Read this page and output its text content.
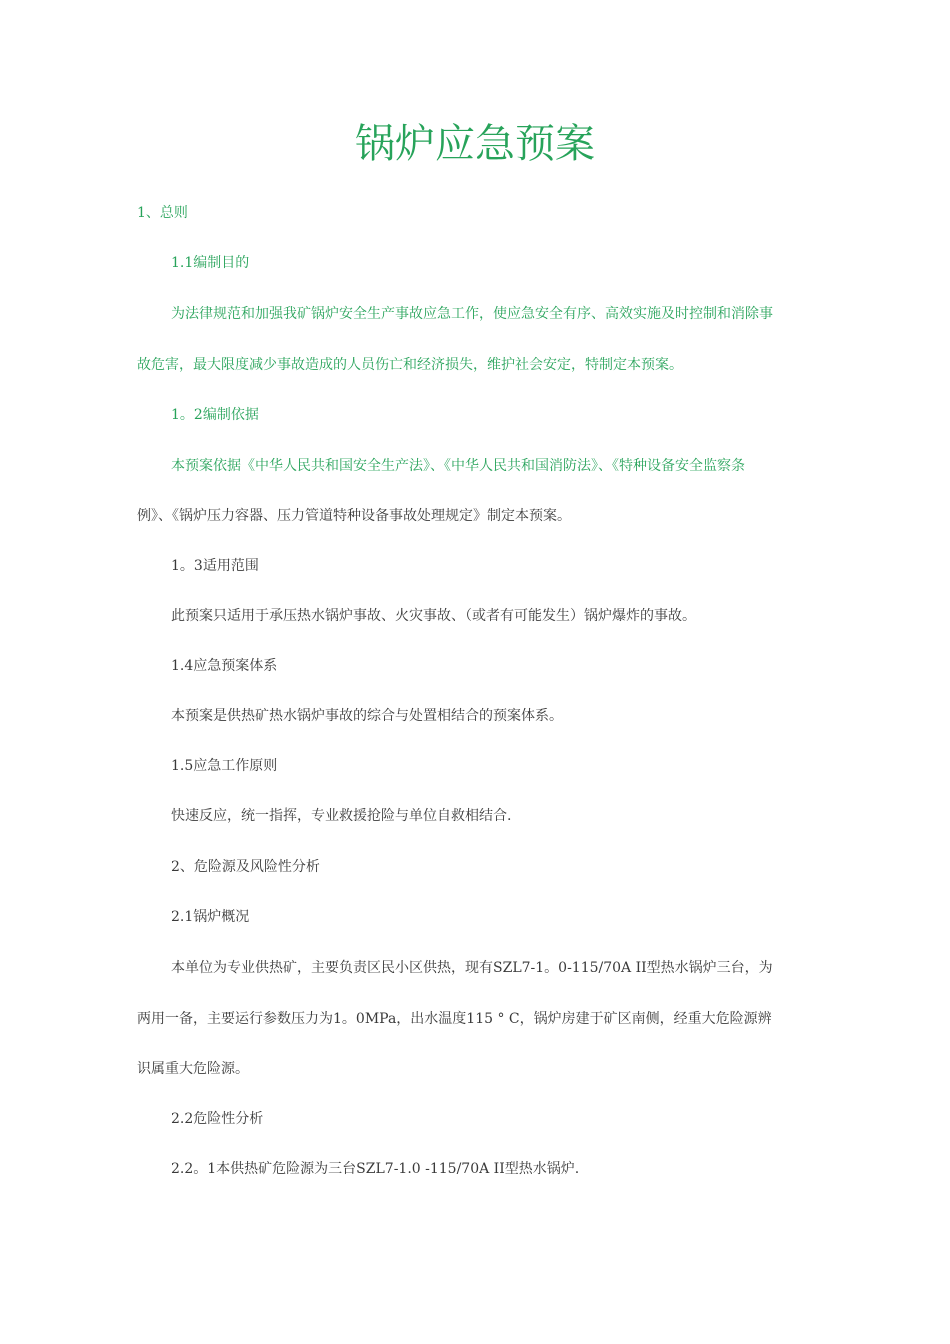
锅炉应急预案

1、总则

1.1编制目的

为法律规范和加强我矿锅炉安全生产事故应急工作，使应急安全有序、高效实施及时控制和消除事

故危害，最大限度减少事故造成的人员伤亡和经济损失，维护社会安定，特制定本预案。

1。2编制依据

本预案依据《中华人民共和国安全生产法》、《中华人民共和国消防法》、《特种设备安全监察条

例》、《锅炉压力容器、压力管道特种设备事故处理规定》制定本预案。

1。3适用范围

此预案只适用于承压热水锅炉事故、火灾事故、（或者有可能发生）锅炉爆炸的事故。

1.4应急预案体系

本预案是供热矿热水锅炉事故的综合与处置相结合的预案体系。

1.5应急工作原则

快速反应，统一指挥，专业救援抢险与单位自救相结合.

2、危险源及风险性分析

2.1锅炉概况

本单位为专业供热矿，主要负责区民小区供热，现有SZL7-1。0-115/70A II型热水锅炉三台，为

两用一备，主要运行参数压力为1。0MPa，出水温度115 ° C，锅炉房建于矿区南侧，经重大危险源辨

识属重大危险源。

2.2危险性分析

2.2。1本供热矿危险源为三台SZL7-1.0 -115/70A II型热水锅炉.
